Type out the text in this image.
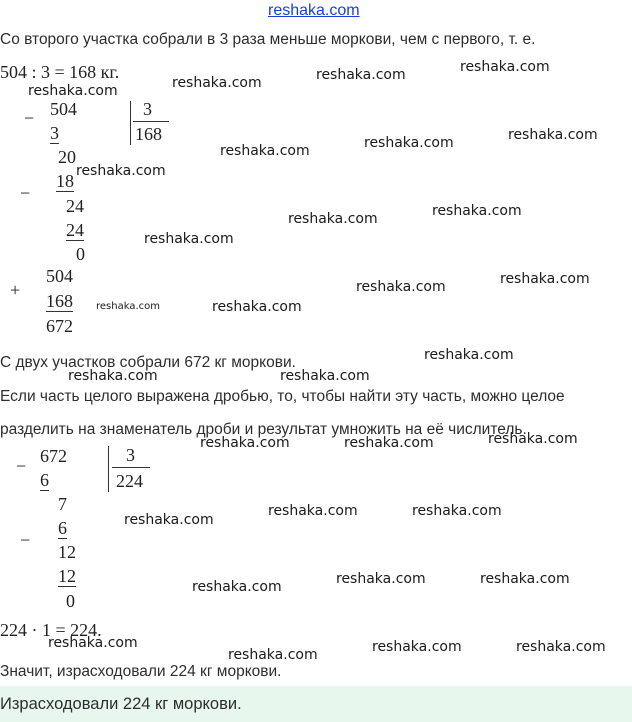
reshaka.com
Со второго участка собрали в 3 раза меньше моркови, чем с первого, т. е.
504 : 3 = 168 кг.
− 504
3
20
3
168
−
18
24
24
0
+
504
168
672
С двух участков собрали 672 кг моркови.
Если часть целого выражена дробью, то, чтобы найти эту часть, можно целое
разделить на знаменатель дроби и результат умножить на её числитель.
− 672
6
3
224
7
−
6
12
12
0
224 · 1 = 224.
Значит, израсходовали 224 кг моркови.
Израсходовали 224 кг моркови.
reshaka.com	reshaka.com	reshaka.com	reshaka.com
reshaka.com
reshaka.com
reshaka.com
reshaka.com
reshaka.com	reshaka.com
reshaka.com
reshaka.com
reshaka.com
reshaka.com
reshaka.com
reshaka.com
reshaka.com	reshaka.com
reshaka.com
reshaka.com	reshaka.com
reshaka.com
reshaka.com	reshaka.com
reshaka.com	reshaka.com	reshaka.com
reshaka.com	reshaka.com	reshaka.com
reshaka.com
